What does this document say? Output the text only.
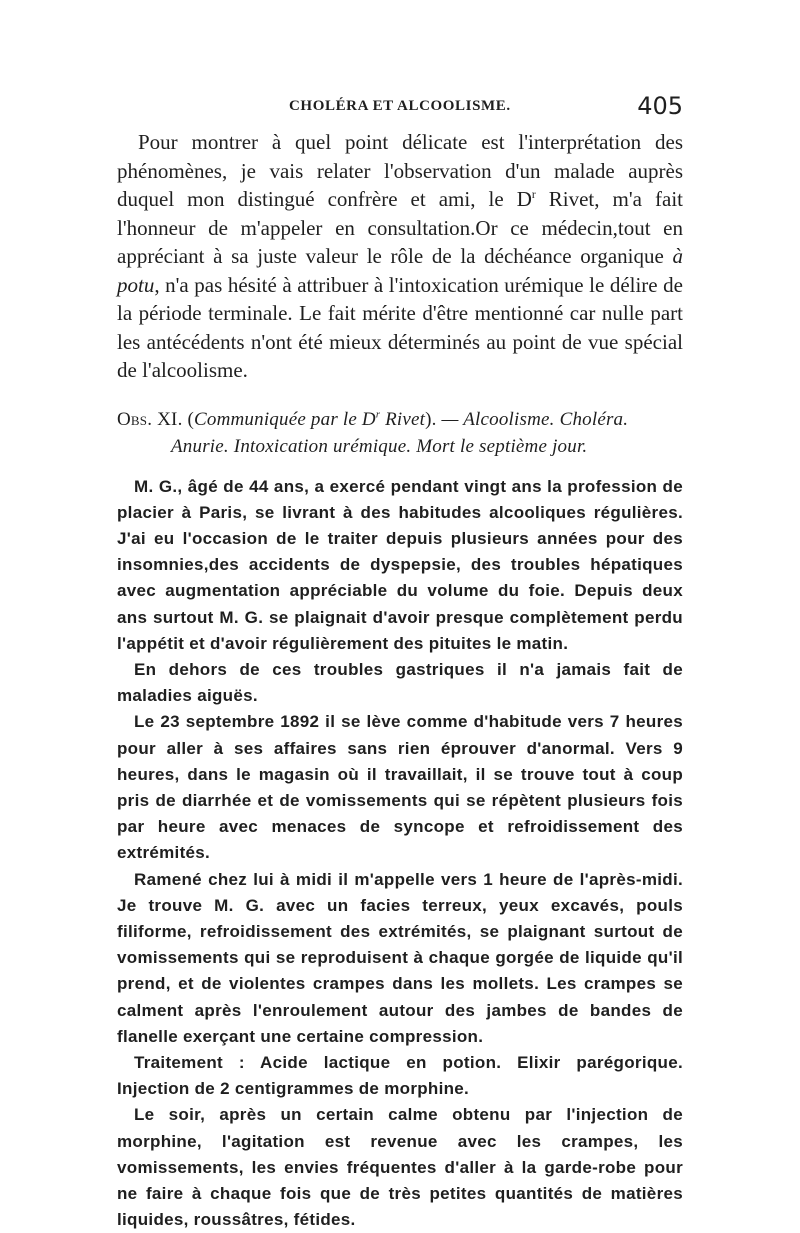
CHOLÉRA ET ALCOOLISME.	405

Pour montrer à quel point délicate est l'interprétation des phénomènes, je vais relater l'observation d'un malade auprès duquel mon distingué confrère et ami, le $D^r$ Rivet, m'a fait l'honneur de m'appeler en consultation.Or ce médecin,tout en appréciant à sa juste valeur le rôle de la déchéance organique à potu, n'a pas hésité à attribuer à l'intoxication urémique le délire de la période terminale. Le fait mérite d'être mentionné car nulle part les antécédents n'ont été mieux déterminés au point de vue spécial de l'alcoolisme.

Obs. XI. (Communiquée par le $D^r$ Rivet). — Alcoolisme. Choléra.
Anurie. Intoxication urémique. Mort le septième jour.

M. G., âgé de 44 ans, a exercé pendant vingt ans la profession de placier à Paris, se livrant à des habitudes alcooliques régulières. J'ai eu l'occasion de le traiter depuis plusieurs années pour des insomnies,des accidents de dyspepsie, des troubles hépatiques avec augmentation appréciable du volume du foie. Depuis deux ans surtout M. G. se plaignait d'avoir presque complètement perdu l'appétit et d'avoir régulièrement des pituites le matin.

En dehors de ces troubles gastriques il n'a jamais fait de maladies aiguës.

Le 23 septembre 1892 il se lève comme d'habitude vers 7 heures pour aller à ses affaires sans rien éprouver d'anormal. Vers 9 heures, dans le magasin où il travaillait, il se trouve tout à coup pris de diarrhée et de vomissements qui se répètent plusieurs fois par heure avec menaces de syncope et refroidissement des extrémités.

Ramené chez lui à midi il m'appelle vers 1 heure de l'après-midi. Je trouve M. G. avec un facies terreux, yeux excavés, pouls filiforme, refroidissement des extrémités, se plaignant surtout de vomissements qui se reproduisent à chaque gorgée de liquide qu'il prend, et de violentes crampes dans les mollets. Les crampes se calment après l'enroulement autour des jambes de bandes de flanelle exerçant une certaine compression.

Traitement : Acide lactique en potion. Elixir parégorique. Injection de 2 centigrammes de morphine.

Le soir, après un certain calme obtenu par l'injection de morphine, l'agitation est revenue avec les crampes, les vomissements, les envies fréquentes d'aller à la garde-robe pour ne faire à chaque fois que de très petites quantités de matières liquides, roussâtres, fétides.
